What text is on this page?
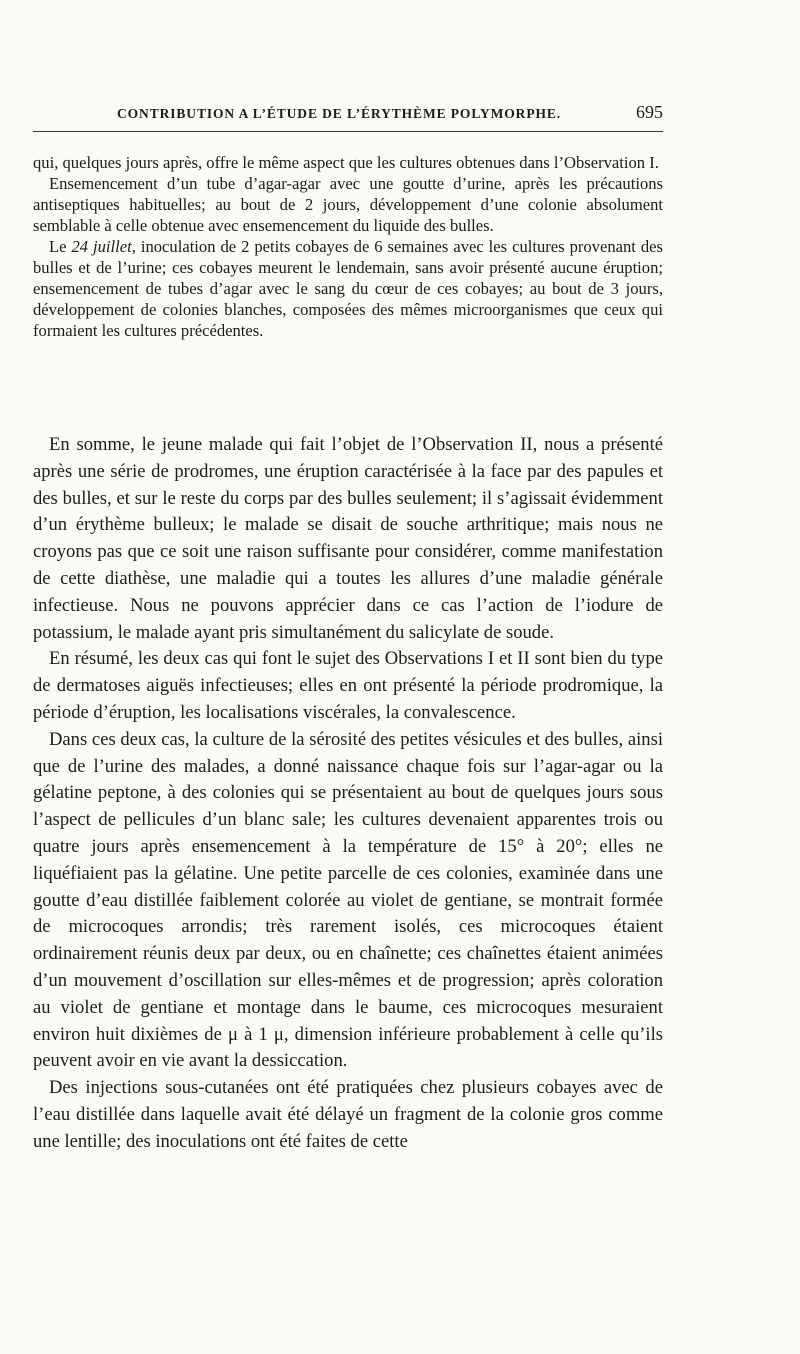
CONTRIBUTION A L’ÉTUDE DE L’ÉRYTHÈME POLYMORPHE.	695

qui, quelques jours après, offre le même aspect que les cultures obtenues dans l’Observation I.

Ensemencement d’un tube d’agar-agar avec une goutte d’urine, après les précautions antiseptiques habituelles; au bout de 2 jours, développement d’une colonie absolument semblable à celle obtenue avec ensemencement du liquide des bulles.

Le 24 juillet, inoculation de 2 petits cobayes de 6 semaines avec les cultures provenant des bulles et de l’urine; ces cobayes meurent le lendemain, sans avoir présenté aucune éruption; ensemencement de tubes d’agar avec le sang du cœur de ces cobayes; au bout de 3 jours, développement de colonies blanches, composées des mêmes microorganismes que ceux qui formaient les cultures précédentes.

En somme, le jeune malade qui fait l’objet de l’Observation II, nous a présenté après une série de prodromes, une éruption caractérisée à la face par des papules et des bulles, et sur le reste du corps par des bulles seulement; il s’agissait évidemment d’un érythème bulleux; le malade se disait de souche arthritique; mais nous ne croyons pas que ce soit une raison suffisante pour considérer, comme manifestation de cette diathèse, une maladie qui a toutes les allures d’une maladie générale infectieuse. Nous ne pouvons apprécier dans ce cas l’action de l’iodure de potassium, le malade ayant pris simultanément du salicylate de soude.

En résumé, les deux cas qui font le sujet des Observations I et II sont bien du type de dermatoses aiguës infectieuses; elles en ont présenté la période prodromique, la période d’éruption, les localisations viscérales, la convalescence.

Dans ces deux cas, la culture de la sérosité des petites vésicules et des bulles, ainsi que de l’urine des malades, a donné naissance chaque fois sur l’agar-agar ou la gélatine peptone, à des colonies qui se présentaient au bout de quelques jours sous l’aspect de pellicules d’un blanc sale; les cultures devenaient apparentes trois ou quatre jours après ensemencement à la température de 15° à 20°; elles ne liquéfiaient pas la gélatine. Une petite parcelle de ces colonies, examinée dans une goutte d’eau distillée faiblement colorée au violet de gentiane, se montrait formée de microcoques arrondis; très rarement isolés, ces microcoques étaient ordinairement réunis deux par deux, ou en chaînette; ces chaînettes étaient animées d’un mouvement d’oscillation sur elles-mêmes et de progression; après coloration au violet de gentiane et montage dans le baume, ces microcoques mesuraient environ huit dixièmes de μ à 1 μ, dimension inférieure probablement à celle qu’ils peuvent avoir en vie avant la dessiccation.

Des injections sous-cutanées ont été pratiquées chez plusieurs cobayes avec de l’eau distillée dans laquelle avait été délayé un fragment de la colonie gros comme une lentille; des inoculations ont été faites de cette
